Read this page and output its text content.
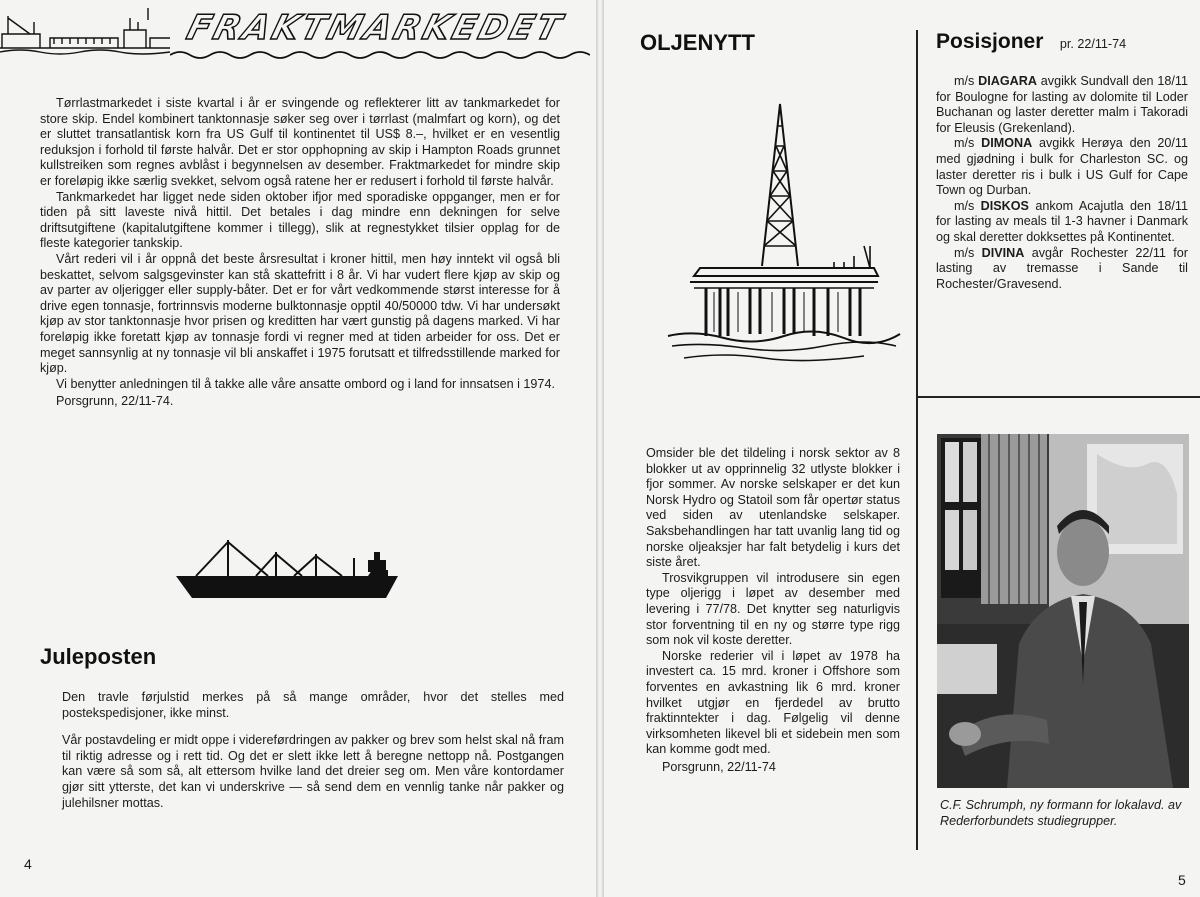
FRAKTMARKEDET

Tørrlastmarkedet i siste kvartal i år er svingende og reflekterer litt av tankmarkedet for store skip. Endel kombinert tanktonnasje søker seg over i tørrlast (malmfart og korn), og det er sluttet transatlantisk korn fra US Gulf til kontinentet til US$ 8.–, hvilket er en vesentlig reduksjon i forhold til første halvår. Det er stor opphopning av skip i Hampton Roads grunnet kullstreiken som regnes avblåst i begynnelsen av desember. Fraktmarkedet for mindre skip er foreløpig ikke særlig svekket, selvom også ratene her er redusert i forhold til første halvår.

Tankmarkedet har ligget nede siden oktober ifjor med sporadiske oppganger, men er for tiden på sitt laveste nivå hittil. Det betales i dag mindre enn dekningen for selve driftsutgiftene (kapitalutgiftene kommer i tillegg), slik at regnestykket tilsier opplag for de fleste kategorier tankskip.

Vårt rederi vil i år oppnå det beste årsresultat i kroner hittil, men høy inntekt vil også bli beskattet, selvom salgsgevinster kan stå skattefritt i 8 år. Vi har vudert flere kjøp av skip og av parter av oljerigger eller supply-båter. Det er for vårt vedkommende størst interesse for å drive egen tonnasje, fortrinnsvis moderne bulktonnasje opptil 40/50000 tdw. Vi har undersøkt kjøp av stor tanktonnasje hvor prisen og kreditten har vært gunstig på dagens marked. Vi har foreløpig ikke foretatt kjøp av tonnasje fordi vi regner med at tiden arbeider for oss. Det er meget sannsynlig at ny tonnasje vil bli anskaffet i 1975 forutsatt et tilfredsstillende marked for kjøp.

Vi benytter anledningen til å takke alle våre ansatte ombord og i land for innsatsen i 1974.

Porsgrunn, 22/11-74.

Juleposten

Den travle førjulstid merkes på så mange områder, hvor det stelles med postekspedisjoner, ikke minst.

Vår postavdeling er midt oppe i videreførdringen av pakker og brev som helst skal nå fram til riktig adresse og i rett tid. Og det er slett ikke lett å beregne nettopp nå. Postgangen kan være så som så, alt ettersom hvilke land det dreier seg om. Men våre kontordamer gjør sitt ytterste, det kan vi underskrive — så send dem en vennlig tanke når pakker og julehilsner mottas.

4
OLJENYTT

Omsider ble det tildeling i norsk sektor av 8 blokker ut av opprinnelig 32 utlyste blokker i fjor sommer. Av norske selskaper er det kun Norsk Hydro og Statoil som får opertør status ved siden av utenlandske selskaper. Saksbehandlingen har tatt uvanlig lang tid og norske oljeaksjer har falt betydelig i kurs det siste året.

Trosvikgruppen vil introdusere sin egen type oljerigg i løpet av desember med levering i 77/78. Det knytter seg naturligvis stor forventning til en ny og større type rigg som nok vil koste deretter.

Norske rederier vil i løpet av 1978 ha investert ca. 15 mrd. kroner i Offshore som forventes en avkastning lik 6 mrd. kroner hvilket utgjør en fjerdedel av brutto fraktinntekter i dag. Følgelig vil denne virksomheten likevel bli et sidebein men som kan komme godt med.

Porsgrunn, 22/11-74

Posisjoner pr. 22/11-74

m/s DIAGARA avgikk Sundvall den 18/11 for Boulogne for lasting av dolomite til Loder Buchanan og laster deretter malm i Takoradi for Eleusis (Grekenland).

m/s DIMONA avgikk Herøya den 20/11 med gjødning i bulk for Charleston SC. og laster deretter ris i bulk i US Gulf for Cape Town og Durban.

m/s DISKOS ankom Acajutla den 18/11 for lasting av meals til 1-3 havner i Danmark og skal deretter dokksettes på Kontinentet.

m/s DIVINA avgår Rochester 22/11 for lasting av tremasse i Sande til Rochester/Gravesend.

C.F. Schrumph, ny formann for lokalavd. av Rederforbundets studiegrupper.
5
